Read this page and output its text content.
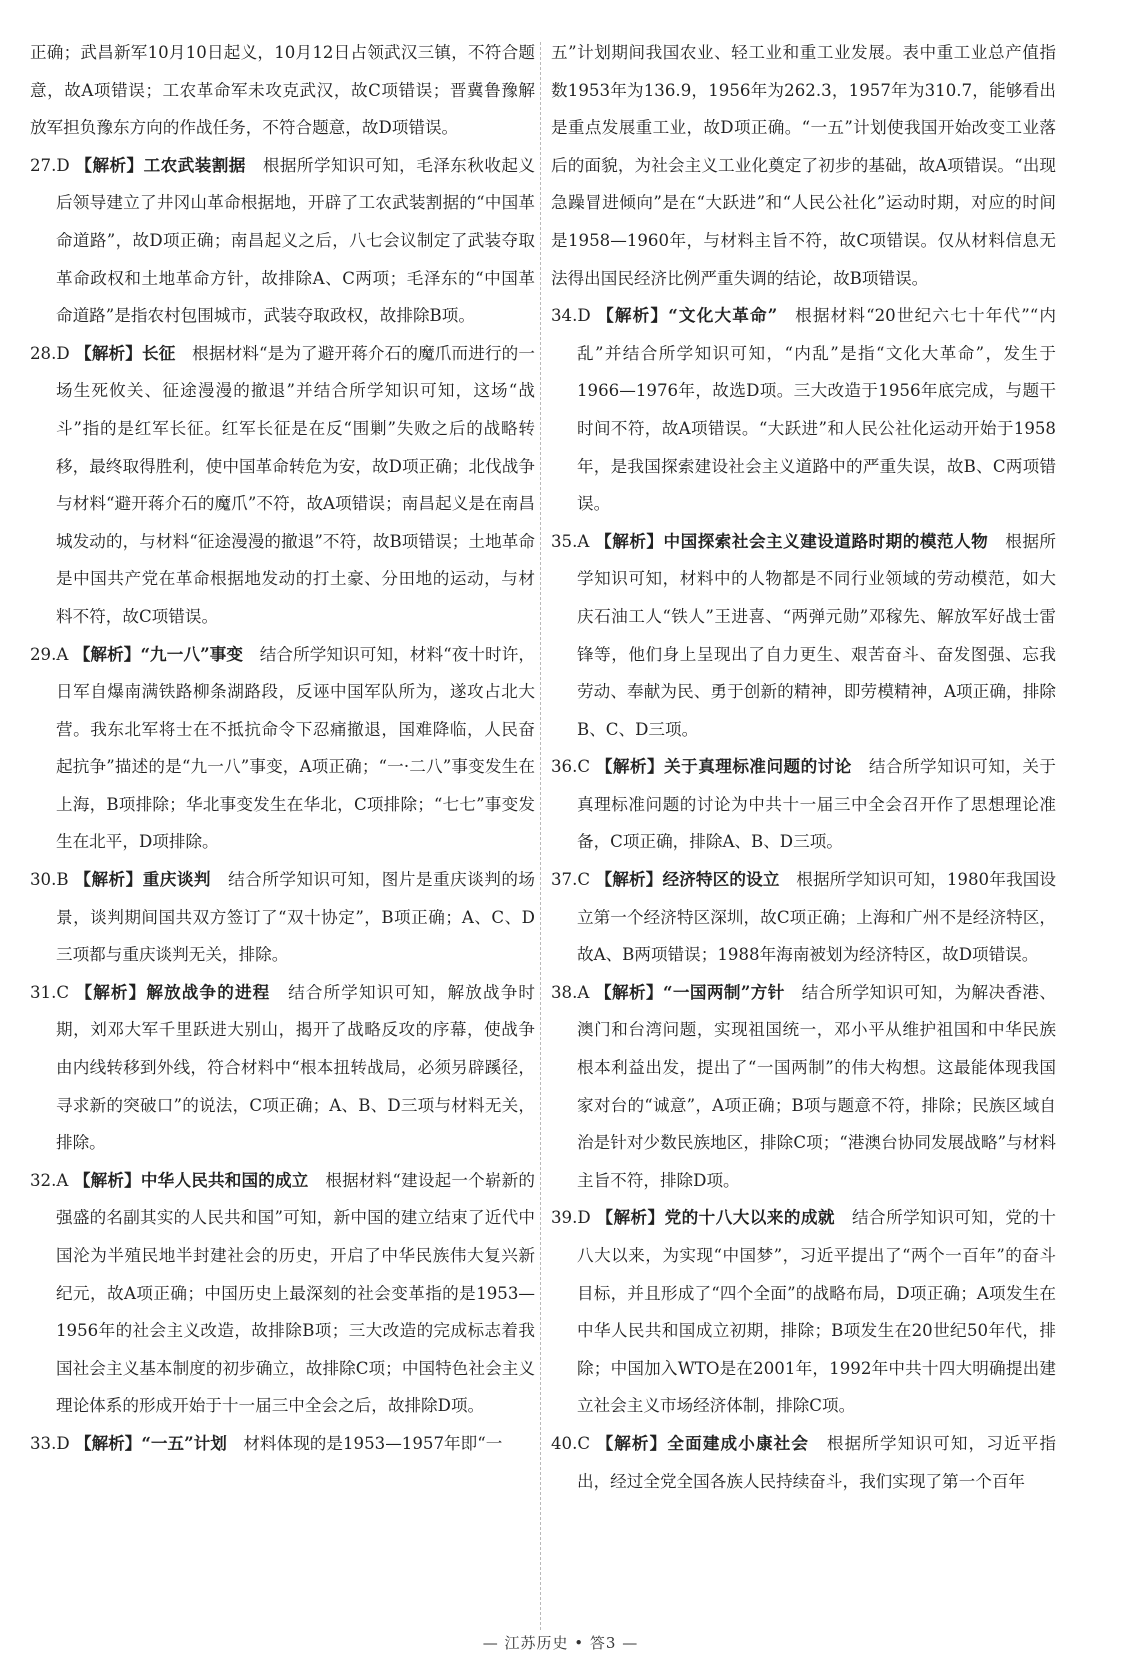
正确；武昌新军10月10日起义，10月12日占领武汉三镇，不符合题意，故A项错误；工农革命军未攻克武汉，故C项错误；晋冀鲁豫解放军担负豫东方向的作战任务，不符合题意，故D项错误。

27.D 【解析】工农武装割据  根据所学知识可知，毛泽东秋收起义后领导建立了井冈山革命根据地，开辟了工农武装割据的“中国革命道路”，故D项正确；南昌起义之后，八七会议制定了武装夺取革命政权和土地革命方针，故排除A、C两项；毛泽东的“中国革命道路”是指农村包围城市，武装夺取政权，故排除B项。

28.D 【解析】长征  根据材料“是为了避开蒋介石的魔爪而进行的一场生死攸关、征途漫漫的撤退”并结合所学知识可知，这场“战斗”指的是红军长征。红军长征是在反“围剿”失败之后的战略转移，最终取得胜利，使中国革命转危为安，故D项正确；北伐战争与材料“避开蒋介石的魔爪”不符，故A项错误；南昌起义是在南昌城发动的，与材料“征途漫漫的撤退”不符，故B项错误；土地革命是中国共产党在革命根据地发动的打土豪、分田地的运动，与材料不符，故C项错误。

29.A 【解析】“九一八”事变  结合所学知识可知，材料“夜十时许，日军自爆南满铁路柳条湖路段，反诬中国军队所为，遂攻占北大营。我东北军将士在不抵抗命令下忍痛撤退，国难降临，人民奋起抗争”描述的是“九一八”事变，A项正确；“一·二八”事变发生在上海，B项排除；华北事变发生在华北，C项排除；“七七”事变发生在北平，D项排除。

30.B 【解析】重庆谈判  结合所学知识可知，图片是重庆谈判的场景，谈判期间国共双方签订了“双十协定”，B项正确；A、C、D三项都与重庆谈判无关，排除。

31.C 【解析】解放战争的进程  结合所学知识可知，解放战争时期，刘邓大军千里跃进大别山，揭开了战略反攻的序幕，使战争由内线转移到外线，符合材料中“根本扭转战局，必须另辟蹊径，寻求新的突破口”的说法，C项正确；A、B、D三项与材料无关，排除。

32.A 【解析】中华人民共和国的成立  根据材料“建设起一个崭新的强盛的名副其实的人民共和国”可知，新中国的建立结束了近代中国沦为半殖民地半封建社会的历史，开启了中华民族伟大复兴新纪元，故A项正确；中国历史上最深刻的社会变革指的是1953—1956年的社会主义改造，故排除B项；三大改造的完成标志着我国社会主义基本制度的初步确立，故排除C项；中国特色社会主义理论体系的形成开始于十一届三中全会之后，故排除D项。

33.D 【解析】“一五”计划  材料体现的是1953—1957年即“一

五”计划期间我国农业、轻工业和重工业发展。表中重工业总产值指数1953年为136.9，1956年为262.3，1957年为310.7，能够看出是重点发展重工业，故D项正确。“一五”计划使我国开始改变工业落后的面貌，为社会主义工业化奠定了初步的基础，故A项错误。“出现急躁冒进倾向”是在“大跃进”和“人民公社化”运动时期，对应的时间是1958—1960年，与材料主旨不符，故C项错误。仅从材料信息无法得出国民经济比例严重失调的结论，故B项错误。

34.D 【解析】“文化大革命”  根据材料“20世纪六七十年代”“内乱”并结合所学知识可知，“内乱”是指“文化大革命”，发生于1966—1976年，故选D项。三大改造于1956年底完成，与题干时间不符，故A项错误。“大跃进”和人民公社化运动开始于1958年，是我国探索建设社会主义道路中的严重失误，故B、C两项错误。

35.A 【解析】中国探索社会主义建设道路时期的模范人物  根据所学知识可知，材料中的人物都是不同行业领域的劳动模范，如大庆石油工人“铁人”王进喜、“两弹元勋”邓稼先、解放军好战士雷锋等，他们身上呈现出了自力更生、艰苦奋斗、奋发图强、忘我劳动、奉献为民、勇于创新的精神，即劳模精神，A项正确，排除B、C、D三项。

36.C 【解析】关于真理标准问题的讨论  结合所学知识可知，关于真理标准问题的讨论为中共十一届三中全会召开作了思想理论准备，C项正确，排除A、B、D三项。

37.C 【解析】经济特区的设立  根据所学知识可知，1980年我国设立第一个经济特区深圳，故C项正确；上海和广州不是经济特区，故A、B两项错误；1988年海南被划为经济特区，故D项错误。

38.A 【解析】“一国两制”方针  结合所学知识可知，为解决香港、澳门和台湾问题，实现祖国统一，邓小平从维护祖国和中华民族根本利益出发，提出了“一国两制”的伟大构想。这最能体现我国家对台的“诚意”，A项正确；B项与题意不符，排除；民族区域自治是针对少数民族地区，排除C项；“港澳台协同发展战略”与材料主旨不符，排除D项。

39.D 【解析】党的十八大以来的成就  结合所学知识可知，党的十八大以来，为实现“中国梦”，习近平提出了“两个一百年”的奋斗目标，并且形成了“四个全面”的战略布局，D项正确；A项发生在中华人民共和国成立初期，排除；B项发生在20世纪50年代，排除；中国加入WTO是在2001年，1992年中共十四大明确提出建立社会主义市场经济体制，排除C项。

40.C 【解析】全面建成小康社会  根据所学知识可知，习近平指出，经过全党全国各族人民持续奋斗，我们实现了第一个百年

— 江苏历史 • 答3 —
